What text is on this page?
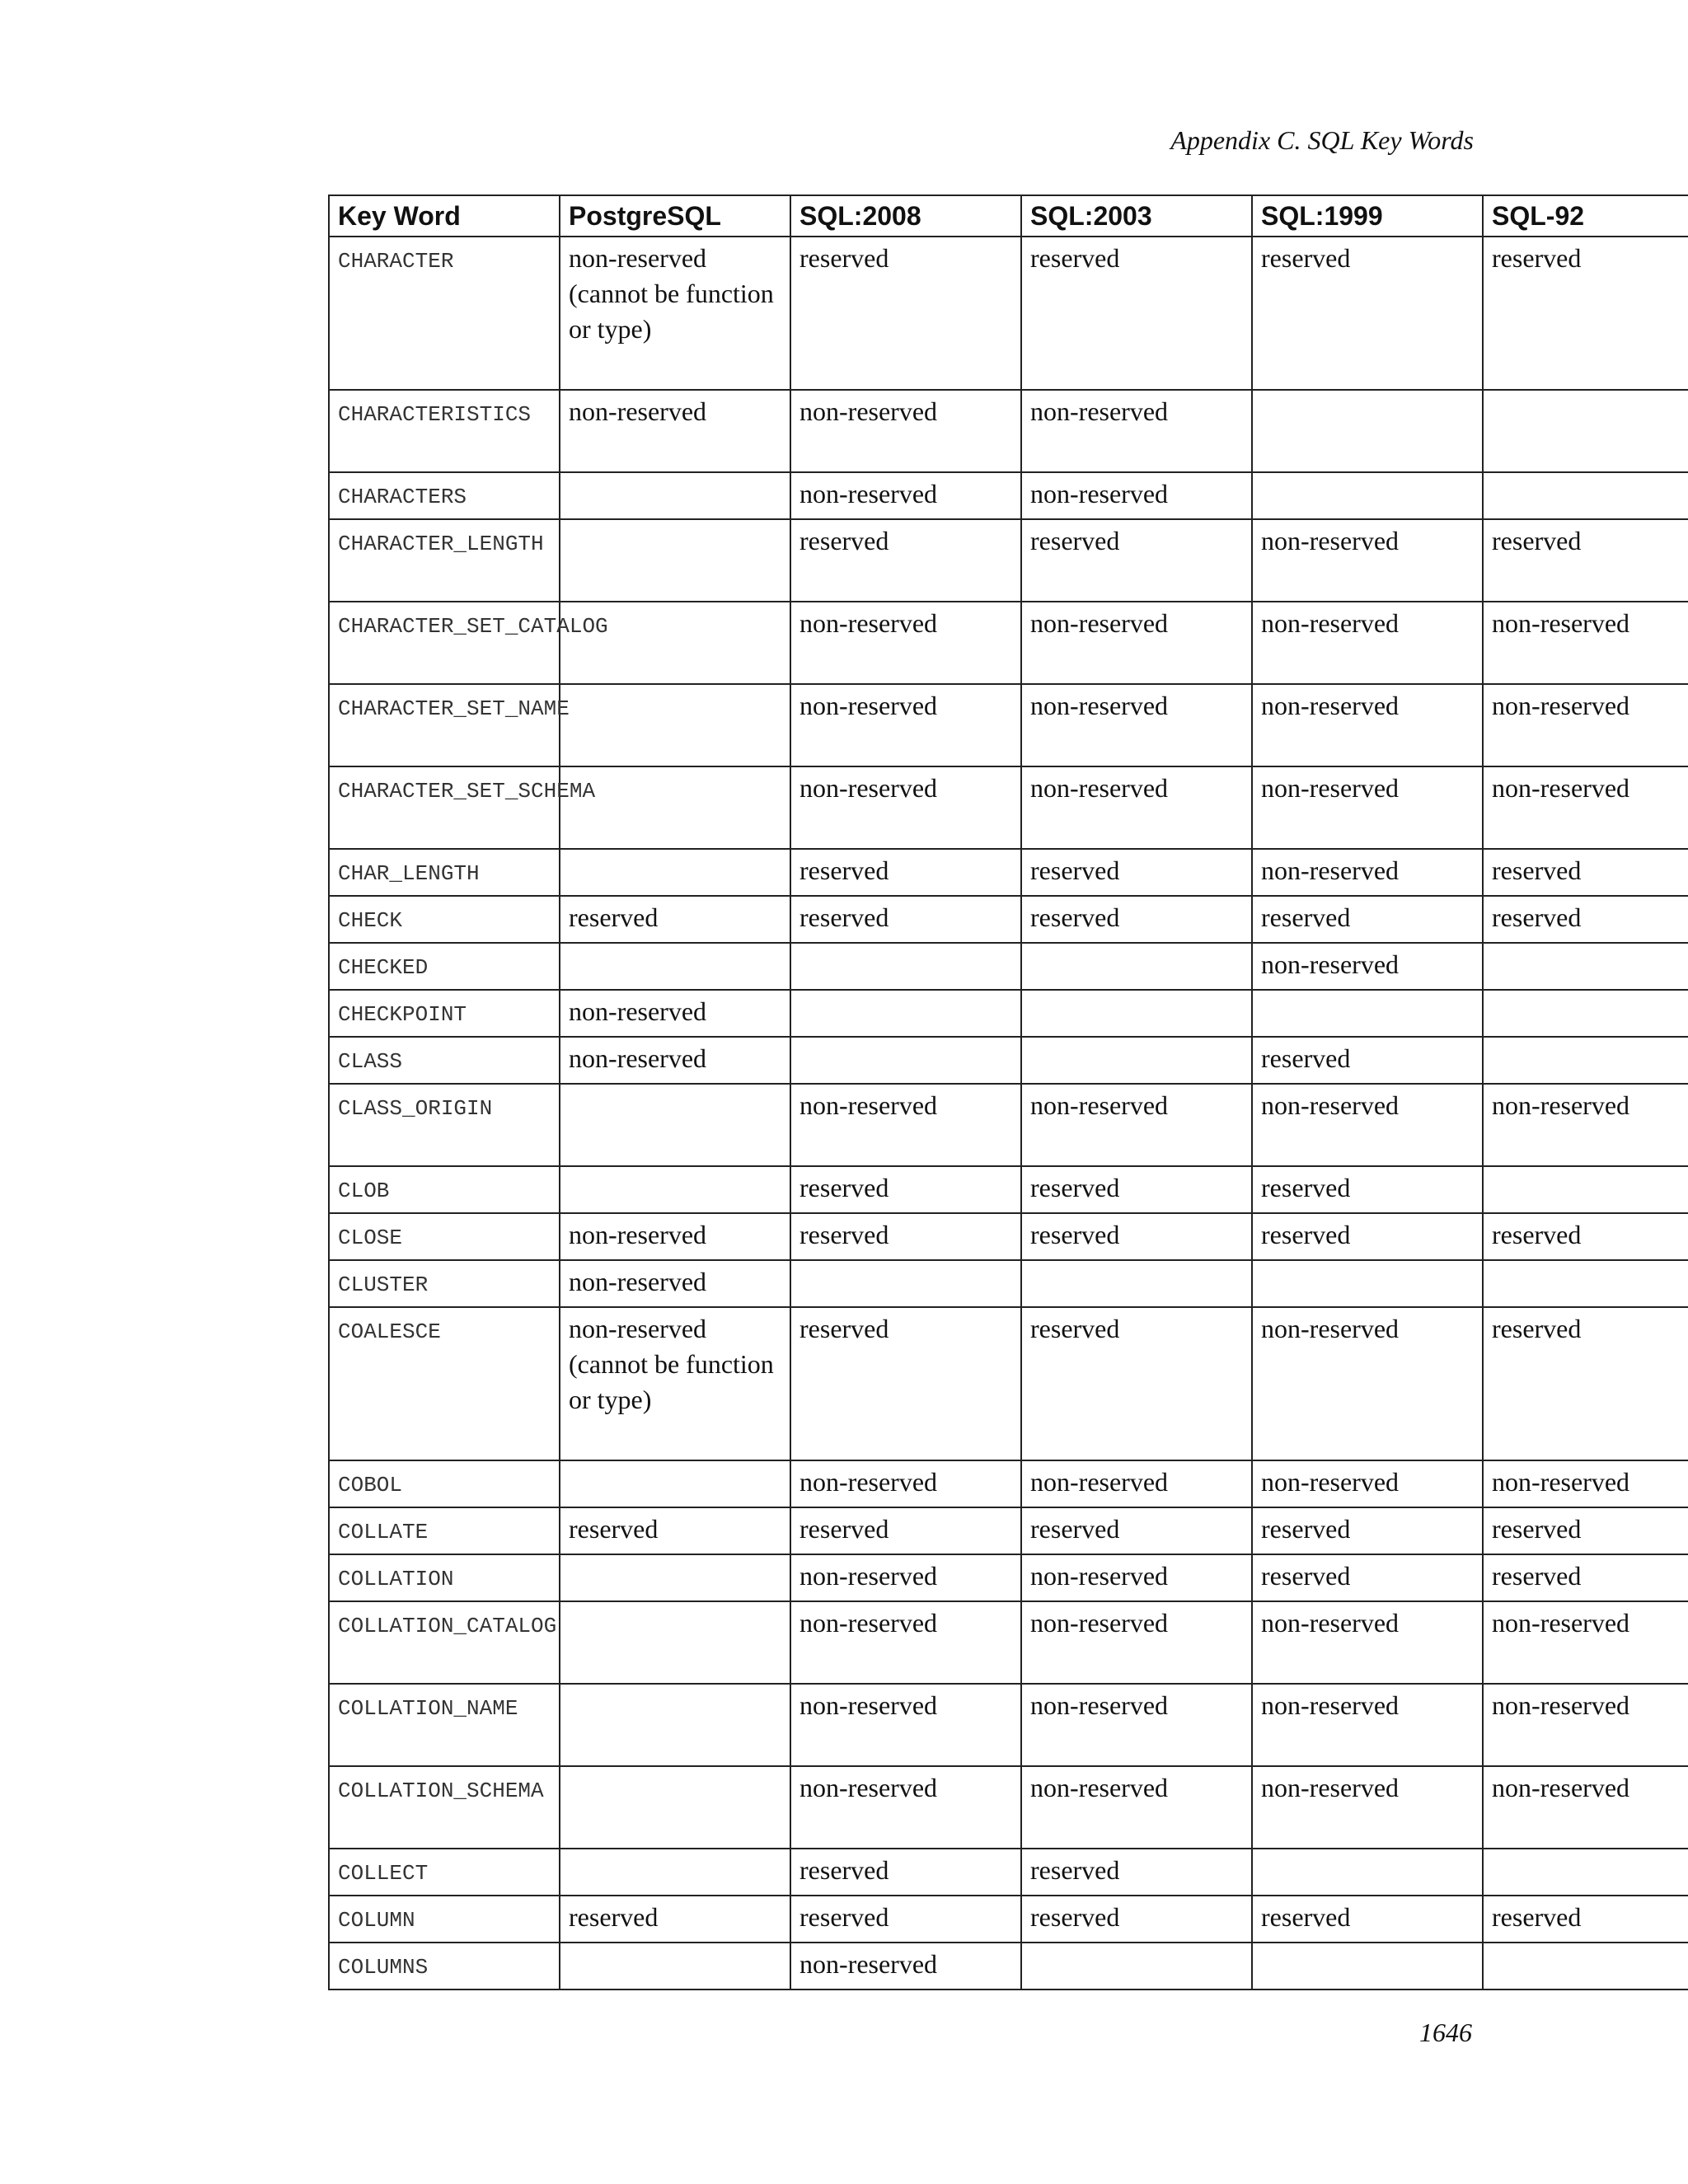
Appendix C. SQL Key Words
Key Word	PostgreSQL	SQL:2008	SQL:2003	SQL:1999	SQL-92
CHARACTER	non-reserved (cannot be function or type)	reserved	reserved	reserved	reserved
CHARACTERISTICS	non-reserved	non-reserved	non-reserved		
CHARACTERS		non-reserved	non-reserved		
CHARACTER_LENGTH		reserved	reserved	non-reserved	reserved
CHARACTER_SET_CATALOG		non-reserved	non-reserved	non-reserved	non-reserved
CHARACTER_SET_NAME		non-reserved	non-reserved	non-reserved	non-reserved
CHARACTER_SET_SCHEMA		non-reserved	non-reserved	non-reserved	non-reserved
CHAR_LENGTH		reserved	reserved	non-reserved	reserved
CHECK	reserved	reserved	reserved	reserved	reserved
CHECKED				non-reserved	
CHECKPOINT	non-reserved				
CLASS	non-reserved			reserved	
CLASS_ORIGIN		non-reserved	non-reserved	non-reserved	non-reserved
CLOB		reserved	reserved	reserved	
CLOSE	non-reserved	reserved	reserved	reserved	reserved
CLUSTER	non-reserved				
COALESCE	non-reserved (cannot be function or type)	reserved	reserved	non-reserved	reserved
COBOL		non-reserved	non-reserved	non-reserved	non-reserved
COLLATE	reserved	reserved	reserved	reserved	reserved
COLLATION		non-reserved	non-reserved	reserved	reserved
COLLATION_CATALOG		non-reserved	non-reserved	non-reserved	non-reserved
COLLATION_NAME		non-reserved	non-reserved	non-reserved	non-reserved
COLLATION_SCHEMA		non-reserved	non-reserved	non-reserved	non-reserved
COLLECT		reserved	reserved		
COLUMN	reserved	reserved	reserved	reserved	reserved
COLUMNS		non-reserved			
1646
